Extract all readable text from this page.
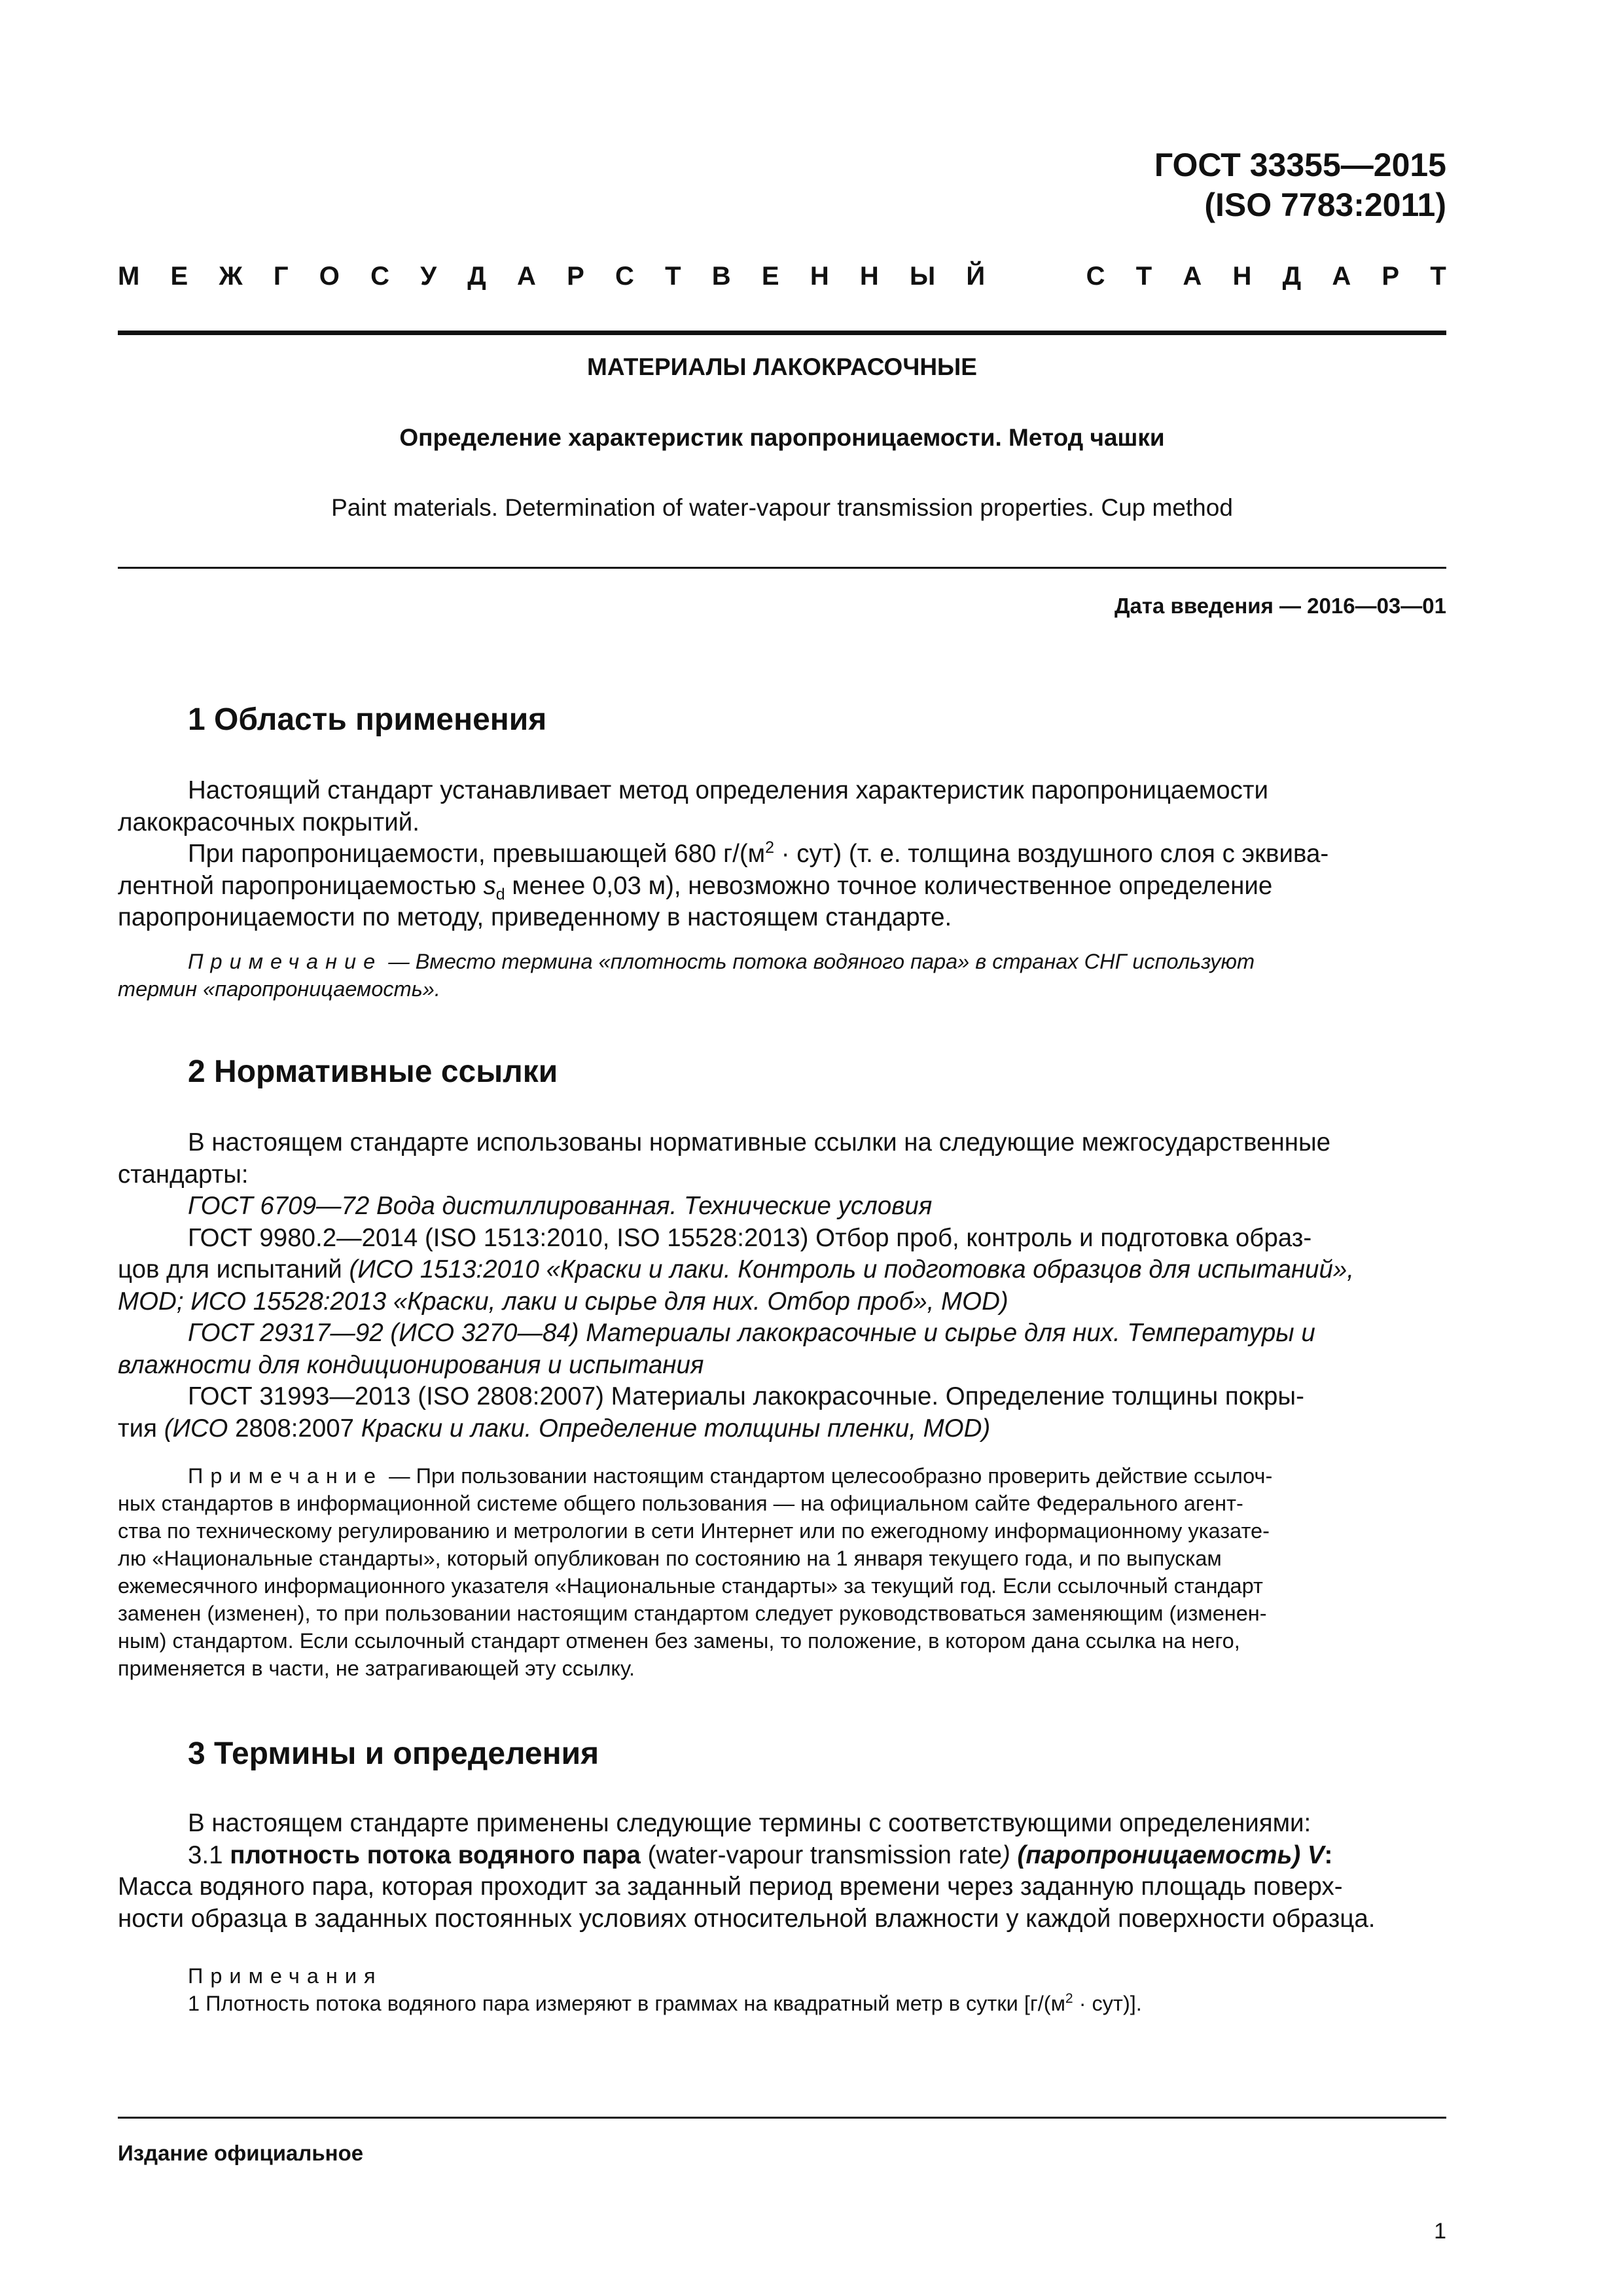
ГОСТ 33355—2015
(ISO 7783:2011)
М Е Ж Г О С У Д А Р С Т В Е Н Н Ы Й	С Т А Н Д А Р Т
МАТЕРИАЛЫ ЛАКОКРАСОЧНЫЕ
Определение характеристик паропроницаемости. Метод чашки
Paint materials. Determination of water-vapour transmission properties. Cup method
Дата введения — 2016—03—01
1 Область применения
Настоящий стандарт устанавливает метод определения характеристик паропроницаемости
лакокрасочных покрытий.
При паропроницаемости, превышающей 680 $г/(м^2 \cdot сут)$ (т. е. толщина воздушного слоя с эквива-
лентной паропроницаемостью $s_d$ менее 0,03 м), невозможно точное количественное определение
паропроницаемости по методу, приведенному в настоящем стандарте.
Примечание — Вместо термина «плотность потока водяного пара» в странах СНГ используют
термин «паропроницаемость».
2 Нормативные ссылки
В настоящем стандарте использованы нормативные ссылки на следующие межгосударственные
стандарты:
ГОСТ 6709—72 Вода дистиллированная. Технические условия
ГОСТ 9980.2—2014 (ISO 1513:2010, ISO 15528:2013) Отбор проб, контроль и подготовка образ-
цов для испытаний (ИСО 1513:2010 «Краски и лаки. Контроль и подготовка образцов для испытаний»,
MOD; ИСО 15528:2013 «Краски, лаки и сырье для них. Отбор проб», MOD)
ГОСТ 29317—92 (ИСО 3270—84) Материалы лакокрасочные и сырье для них. Температуры и
влажности для кондиционирования и испытания
ГОСТ 31993—2013 (ISO 2808:2007) Материалы лакокрасочные. Определение толщины покры-
тия (ИСО 2808:2007 Краски и лаки. Определение толщины пленки, MOD)
Примечание — При пользовании настоящим стандартом целесообразно проверить действие ссылоч-
ных стандартов в информационной системе общего пользования — на официальном сайте Федерального агент-
ства по техническому регулированию и метрологии в сети Интернет или по ежегодному информационному указате-
лю «Национальные стандарты», который опубликован по состоянию на 1 января текущего года, и по выпускам
ежемесячного информационного указателя «Национальные стандарты» за текущий год. Если ссылочный стандарт
заменен (изменен), то при пользовании настоящим стандартом следует руководствоваться заменяющим (изменен-
ным) стандартом. Если ссылочный стандарт отменен без замены, то положение, в котором дана ссылка на него,
применяется в части, не затрагивающей эту ссылку.
3 Термины и определения
В настоящем стандарте применены следующие термины с соответствующими определениями:
3.1 плотность потока водяного пара (water-vapour transmission rate) (паропроницаемость) V:
Масса водяного пара, которая проходит за заданный период времени через заданную площадь поверх-
ности образца в заданных постоянных условиях относительной влажности у каждой поверхности образца.
Примечания
1 Плотность потока водяного пара измеряют в граммах на квадратный метр в сутки $[г/(м^2 \cdot сут)]$.
Издание официальное
1
